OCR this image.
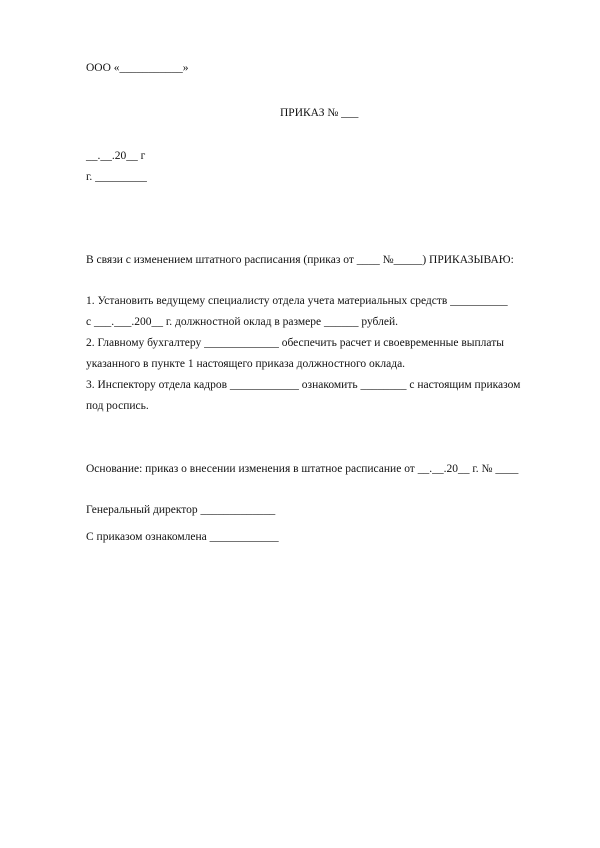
ООО «___________»
ПРИКАЗ № ___
__.__.20__ г
г. _________
В связи с изменением штатного расписания (приказ от ____ №_____) ПРИКАЗЫВАЮ:
1. Установить ведущему специалисту отдела учета материальных средств __________
с ___.___.200__ г. должностной оклад в размере ______ рублей.
2. Главному бухгалтеру _____________ обеспечить расчет и своевременные выплаты
указанного в пункте 1 настоящего приказа должностного оклада.
3. Инспектору отдела кадров ____________ ознакомить ________ с настоящим приказом
под роспись.
Основание: приказ о внесении изменения в штатное расписание от __.__.20__ г. № ____
Генеральный директор _____________
С приказом ознакомлена ____________
